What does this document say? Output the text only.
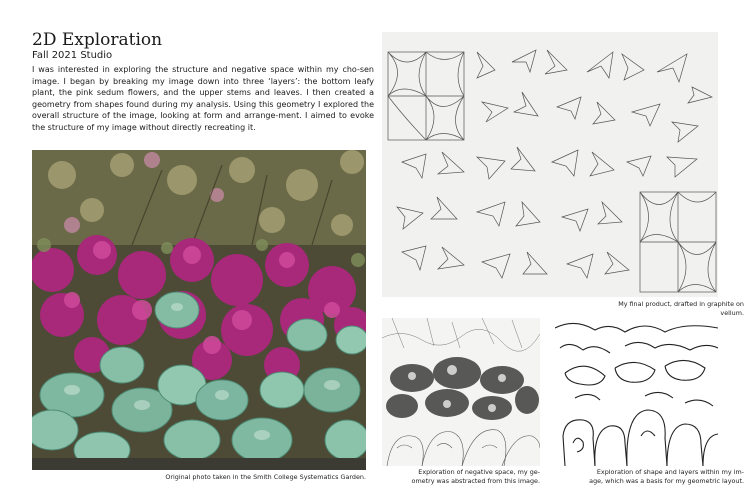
2D Exploration
Fall 2021 Studio
I was interested in exploring the structure and negative space within my cho-sen image. I began by breaking my image down into three ‘layers’: the bottom leafy plant, the pink sedum flowers, and the upper stems and leaves. I then created a geometry from shapes found during my analysis. Using this geometry I explored the overall structure of the image, looking at form and arrange-ment. I aimed to evoke the structure of my image without directly recreating it.
Original photo taken in the Smith College Systematics Garden.
My final product, drafted in graphite on
vellum.
Exploration of negative space, my ge-
ometry was abstracted from this image.
Exploration of shape and layers within my im-
age, which was a basis for my geometric layout.
